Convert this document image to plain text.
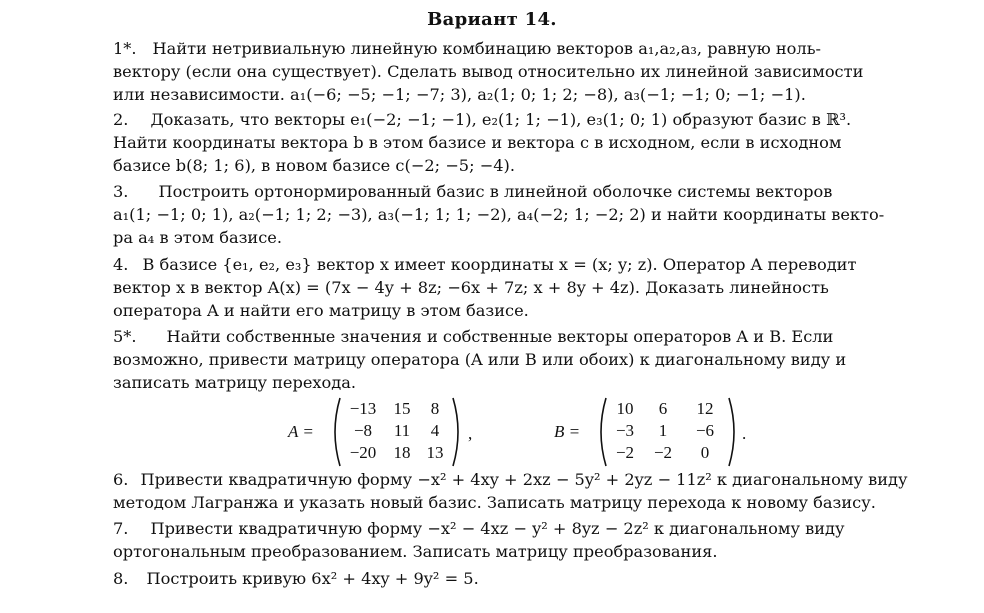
Вариант 14.
1*. Найти нетривиальную линейную комбинацию векторов a₁,a₂,a₃, равную ноль-
вектору (если она существует). Сделать вывод относительно их линейной зависимости
или независимости. a₁(−6; −5; −1; −7; 3), a₂(1; 0; 1; 2; −8), a₃(−1; −1; 0; −1; −1).
2. Доказать, что векторы e₁(−2; −1; −1), e₂(1; 1; −1), e₃(1; 0; 1) образуют базис в ℝ³.
Найти координаты вектора b в этом базисе и вектора c в исходном, если в исходном
базисе b(8; 1; 6), в новом базисе c(−2; −5; −4).
3. Построить ортонормированный базис в линейной оболочке системы векторов
a₁(1; −1; 0; 1), a₂(−1; 1; 2; −3), a₃(−1; 1; 1; −2), a₄(−2; 1; −2; 2) и найти координаты векто-
ра a₄ в этом базисе.
4. В базисе {e₁, e₂, e₃} вектор x имеет координаты x = (x; y; z). Оператор A переводит
вектор x в вектор A(x) = (7x − 4y + 8z; −6x + 7z; x + 8y + 4z). Доказать линейность
оператора A и найти его матрицу в этом базисе.
5*. Найти собственные значения и собственные векторы операторов A и B. Если
возможно, привести матрицу оператора (A или B или обоих) к диагональному виду и
записать матрицу перехода.
A =
−13	15	8
−8	11	4
−20	18 13
,	B =
10	6	12
−3	1	−6
−2	−2	0
.
6. Привести квадратичную форму −x² + 4xy + 2xz − 5y² + 2yz − 11z² к диагональному виду
методом Лагранжа и указать новый базис. Записать матрицу перехода к новому базису.
7. Привести квадратичную форму −x² − 4xz − y² + 8yz − 2z² к диагональному виду
ортогональным преобразованием. Записать матрицу преобразования.
8. Построить кривую 6x² + 4xy + 9y² = 5.
